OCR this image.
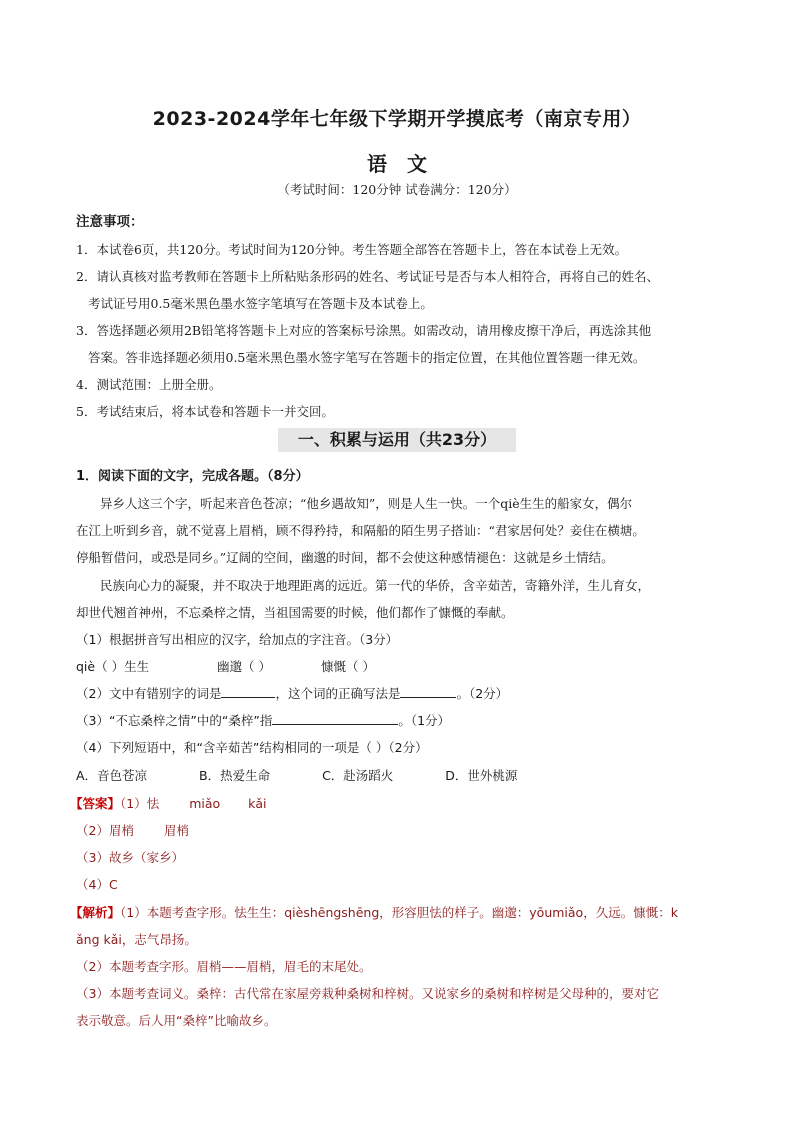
2023-2024学年七年级下学期开学摸底考（南京专用）
语 文
（考试时间：120分钟 试卷满分：120分）
注意事项：
1．本试卷6页，共120分。考试时间为120分钟。考生答题全部答在答题卡上，答在本试卷上无效。
2．请认真核对监考教师在答题卡上所粘贴条形码的姓名、考试证号是否与本人相符合，再将自己的姓名、
考试证号用0.5毫米黑色墨水签字笔填写在答题卡及本试卷上。
3．答选择题必须用2B铅笔将答题卡上对应的答案标号涂黑。如需改动，请用橡皮擦干净后，再选涂其他
答案。答非选择题必须用0.5毫米黑色墨水签字笔写在答题卡的指定位置，在其他位置答题一律无效。
4．测试范围：上册全册。
5．考试结束后，将本试卷和答题卡一并交回。
一、积累与运用（共23分）
1．阅读下面的文字，完成各题。（8分）
异乡人这三个字，听起来音色苍凉；“他乡遇故知”，则是人生一快。一个qiè生生的船家女，偶尔
在江上听到乡音，就不觉喜上眉梢，顾不得矜持，和隔船的陌生男子搭讪：“君家居何处？妾住在横塘。
停船暂借问，或恐是同乡。”辽阔的空间，幽邈的时间，都不会使这种感情褪色：这就是乡土情结。
民族向心力的凝聚，并不取决于地理距离的远近。第一代的华侨，含辛茹苦，寄籍外洋，生儿育女，
却世代翘首神州，不忘桑梓之情，当祖国需要的时候，他们都作了慷慨的奉献。
（1）根据拼音写出相应的汉字，给加点的字注音。（3分）
qiè（ ）生生	幽邈（ ）	慷慨（ ）
（2）文中有错别字的词是	，这个词的正确写法是	。（2分）
（3）“不忘桑梓之情”中的“桑梓”指	。（1分）
（4）下列短语中，和“含辛茹苦”结构相同的一项是（ ）（2分）
A．音色苍凉	B．热爱生命	C．赴汤蹈火	D．世外桃源
【答案】（1）怯 miǎo kǎi
（2）眉梢 眉梢
（3）故乡（家乡）
（4）C
【解析】（1）本题考查字形。怯生生：qièshēngshēng，形容胆怯的样子。幽邈：yōumiǎo，久远。慷慨：k
ǎng kǎi，志气昂扬。
（2）本题考查字形。眉梢——眉梢，眉毛的末尾处。
（3）本题考查词义。桑梓：古代常在家屋旁栽种桑树和梓树。又说家乡的桑树和梓树是父母种的，要对它
表示敬意。后人用“桑梓”比喻故乡。
